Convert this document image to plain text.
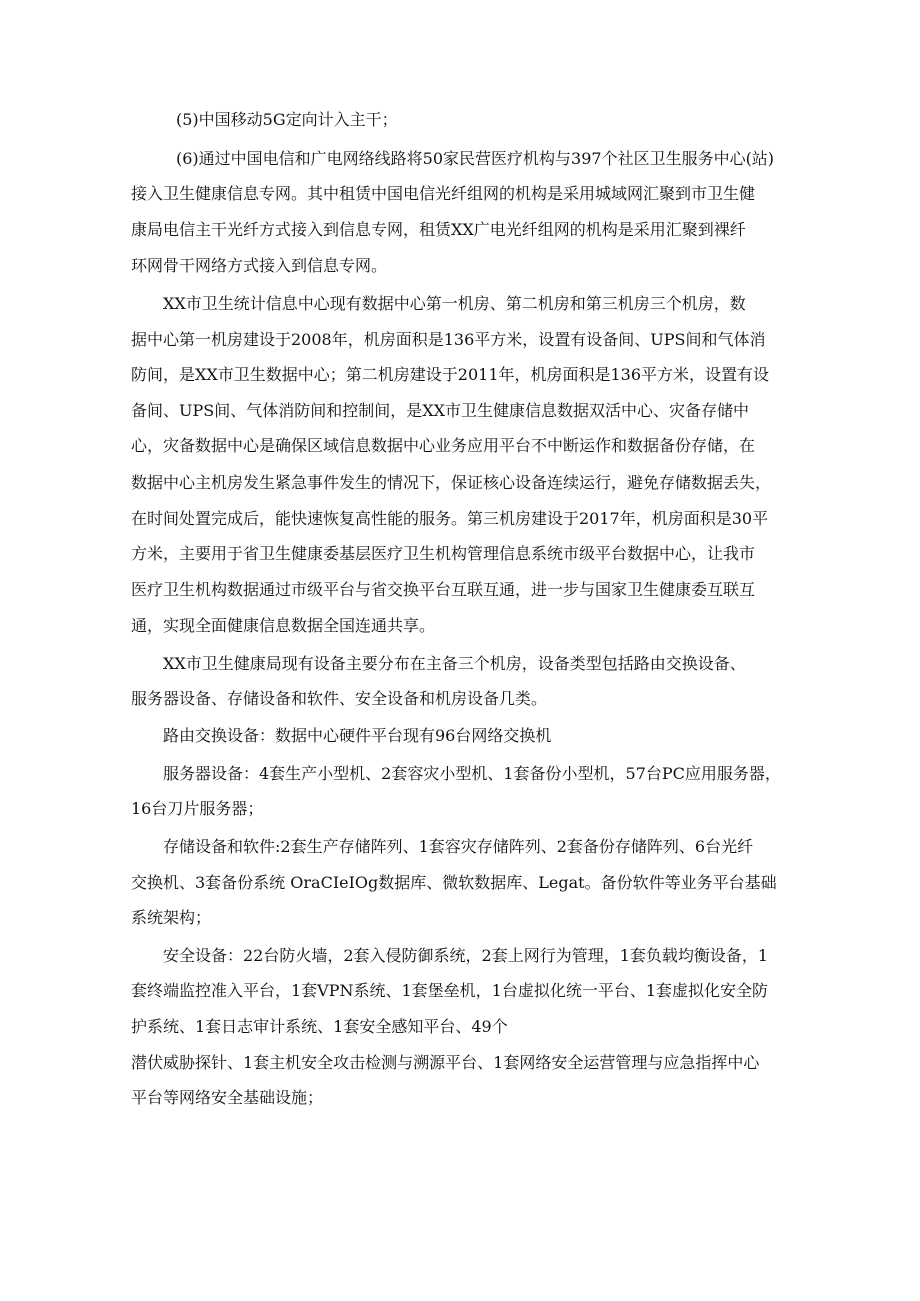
(5)中国移动5G定向计入主干；
(6)通过中国电信和广电网络线路将50家民营医疗机构与397个社区卫生服务中心(站)
接入卫生健康信息专网。其中租赁中国电信光纤组网的机构是采用城域网汇聚到市卫生健
康局电信主干光纤方式接入到信息专网，租赁XX广电光纤组网的机构是采用汇聚到裸纤
环网骨干网络方式接入到信息专网。
XX市卫生统计信息中心现有数据中心第一机房、第二机房和第三机房三个机房，数
据中心第一机房建设于2008年，机房面积是136平方米，设置有设备间、UPS间和气体消
防间，是XX市卫生数据中心；第二机房建设于2011年，机房面积是136平方米，设置有设
备间、UPS间、气体消防间和控制间，是XX市卫生健康信息数据双活中心、灾备存储中
心，灾备数据中心是确保区域信息数据中心业务应用平台不中断运作和数据备份存储，在
数据中心主机房发生紧急事件发生的情况下，保证核心设备连续运行，避免存储数据丢失，
在时间处置完成后，能快速恢复高性能的服务。第三机房建设于2017年，机房面积是30平
方米，主要用于省卫生健康委基层医疗卫生机构管理信息系统市级平台数据中心，让我市
医疗卫生机构数据通过市级平台与省交换平台互联互通，进一步与国家卫生健康委互联互
通，实现全面健康信息数据全国连通共享。
XX市卫生健康局现有设备主要分布在主备三个机房，设备类型包括路由交换设备、
服务器设备、存储设备和软件、安全设备和机房设备几类。
路由交换设备：数据中心硬件平台现有96台网络交换机
服务器设备：4套生产小型机、2套容灾小型机、1套备份小型机，57台PC应用服务器，
16台刀片服务器；
存储设备和软件:2套生产存储阵列、1套容灾存储阵列、2套备份存储阵列、6台光纤
交换机、3套备份系统 OraCIeIOg数据库、微软数据库、Legat。备份软件等业务平台基础
系统架构；
安全设备：22台防火墙，2套入侵防御系统，2套上网行为管理，1套负载均衡设备，1
套终端监控准入平台，1套VPN系统、1套堡垒机，1台虚拟化统一平台、1套虚拟化安全防
护系统、1套日志审计系统、1套安全感知平台、49个
潜伏威胁探针、1套主机安全攻击检测与溯源平台、1套网络安全运营管理与应急指挥中心
平台等网络安全基础设施；
